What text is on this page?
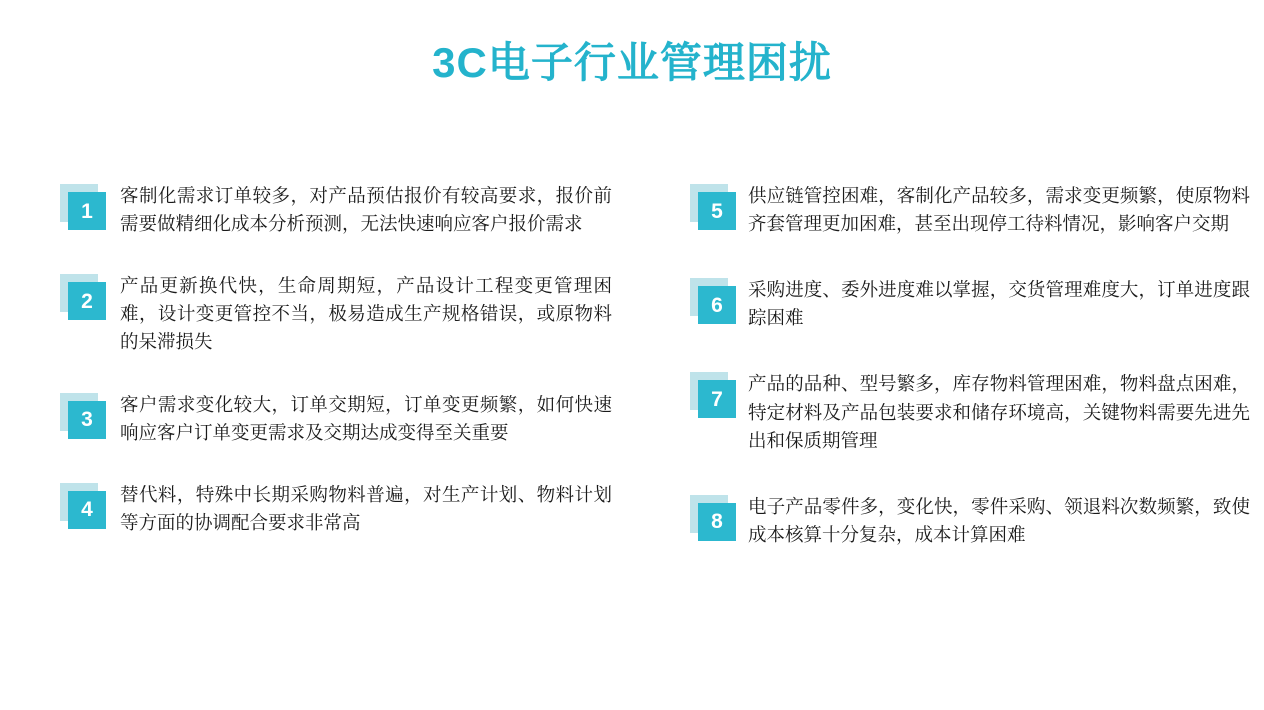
3C电子行业管理困扰
1
客制化需求订单较多，对产品预估报价有较高要求，报价前需要做精细化成本分析预测，无法快速响应客户报价需求
2
产品更新换代快，生命周期短，产品设计工程变更管理困难，设计变更管控不当，极易造成生产规格错误，或原物料的呆滞损失
3
客户需求变化较大，订单交期短，订单变更频繁，如何快速响应客户订单变更需求及交期达成变得至关重要
4
替代料，特殊中长期采购物料普遍，对生产计划、物料计划等方面的协调配合要求非常高
5
供应链管控困难，客制化产品较多，需求变更频繁，使原物料齐套管理更加困难，甚至出现停工待料情况，影响客户交期
6
采购进度、委外进度难以掌握，交货管理难度大，订单进度跟踪困难
7
产品的品种、型号繁多，库存物料管理困难，物料盘点困难，特定材料及产品包装要求和储存环境高，关键物料需要先进先出和保质期管理
8
电子产品零件多，变化快，零件采购、领退料次数频繁，致使成本核算十分复杂，成本计算困难
